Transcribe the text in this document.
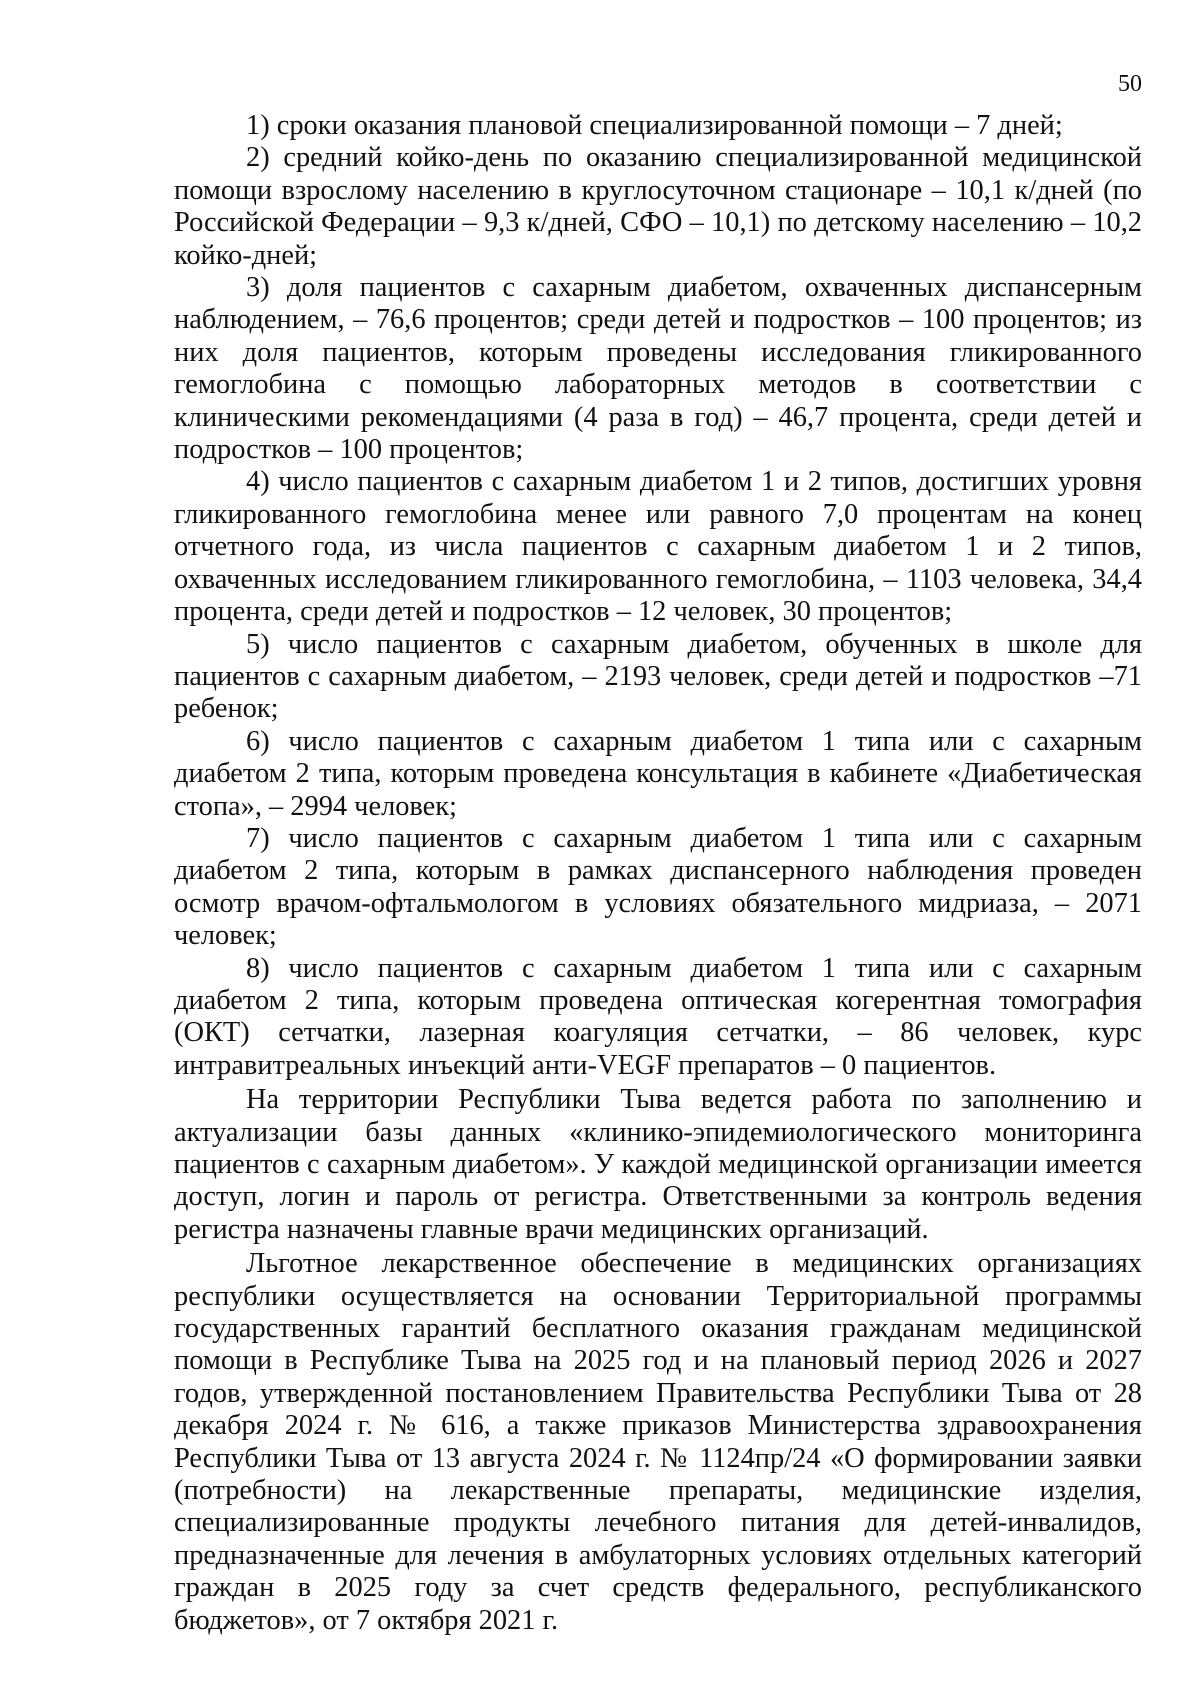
50

1) сроки оказания плановой специализированной помощи – 7 дней;

2) средний койко-день по оказанию специализированной медицинской помощи взрослому населению в круглосуточном стационаре – 10,1 к/дней (по Российской Федерации – 9,3 к/дней, СФО – 10,1) по детскому населению – 10,2 койко-дней;

3) доля пациентов с сахарным диабетом, охваченных диспансерным наблюдением, – 76,6 процентов; среди детей и подростков – 100 процентов; из них доля пациентов, которым проведены исследования гликированного гемоглобина с помощью лабораторных методов в соответствии с клиническими рекомендациями (4 раза в год) – 46,7 процента, среди детей и подростков – 100 процентов;

4) число пациентов с сахарным диабетом 1 и 2 типов, достигших уровня гликированного гемоглобина менее или равного 7,0 процентам на конец отчетного года, из числа пациентов с сахарным диабетом 1 и 2 типов, охваченных исследованием гликированного гемоглобина, – 1103 человека, 34,4 процента, среди детей и подростков – 12 человек, 30 процентов;

5) число пациентов с сахарным диабетом, обученных в школе для пациентов с сахарным диабетом, – 2193 человек, среди детей и подростков –71 ребенок;

6) число пациентов с сахарным диабетом 1 типа или с сахарным диабетом 2 типа, которым проведена консультация в кабинете «Диабетическая стопа», – 2994 человек;

7) число пациентов с сахарным диабетом 1 типа или с сахарным диабетом 2 типа, которым в рамках диспансерного наблюдения проведен осмотр врачом-офтальмологом в условиях обязательного мидриаза, – 2071 человек;

8) число пациентов с сахарным диабетом 1 типа или с сахарным диабетом 2 типа, которым проведена оптическая когерентная томография (ОКТ) сетчатки, лазерная коагуляция сетчатки, – 86 человек, курс интравитреальных инъекций анти-VEGF препаратов – 0 пациентов.

На территории Республики Тыва ведется работа по заполнению и актуализации базы данных «клинико-эпидемиологического мониторинга пациентов с сахарным диабетом». У каждой медицинской организации имеется доступ, логин и пароль от регистра. Ответственными за контроль ведения регистра назначены главные врачи медицинских организаций.

Льготное лекарственное обеспечение в медицинских организациях республики осуществляется на основании Территориальной программы государственных гарантий бесплатного оказания гражданам медицинской помощи в Республике Тыва на 2025 год и на плановый период 2026 и 2027 годов, утвержденной постановлением Правительства Республики Тыва от 28 декабря 2024 г. № 616, а также приказов Министерства здравоохранения Республики Тыва от 13 августа 2024 г. № 1124пр/24 «О формировании заявки (потребности) на лекарственные препараты, медицинские изделия, специализированные продукты лечебного питания для детей-инвалидов, предназначенные для лечения в амбулаторных условиях отдельных категорий граждан в 2025 году за счет средств федерального, республиканского бюджетов», от 7 октября 2021 г.
